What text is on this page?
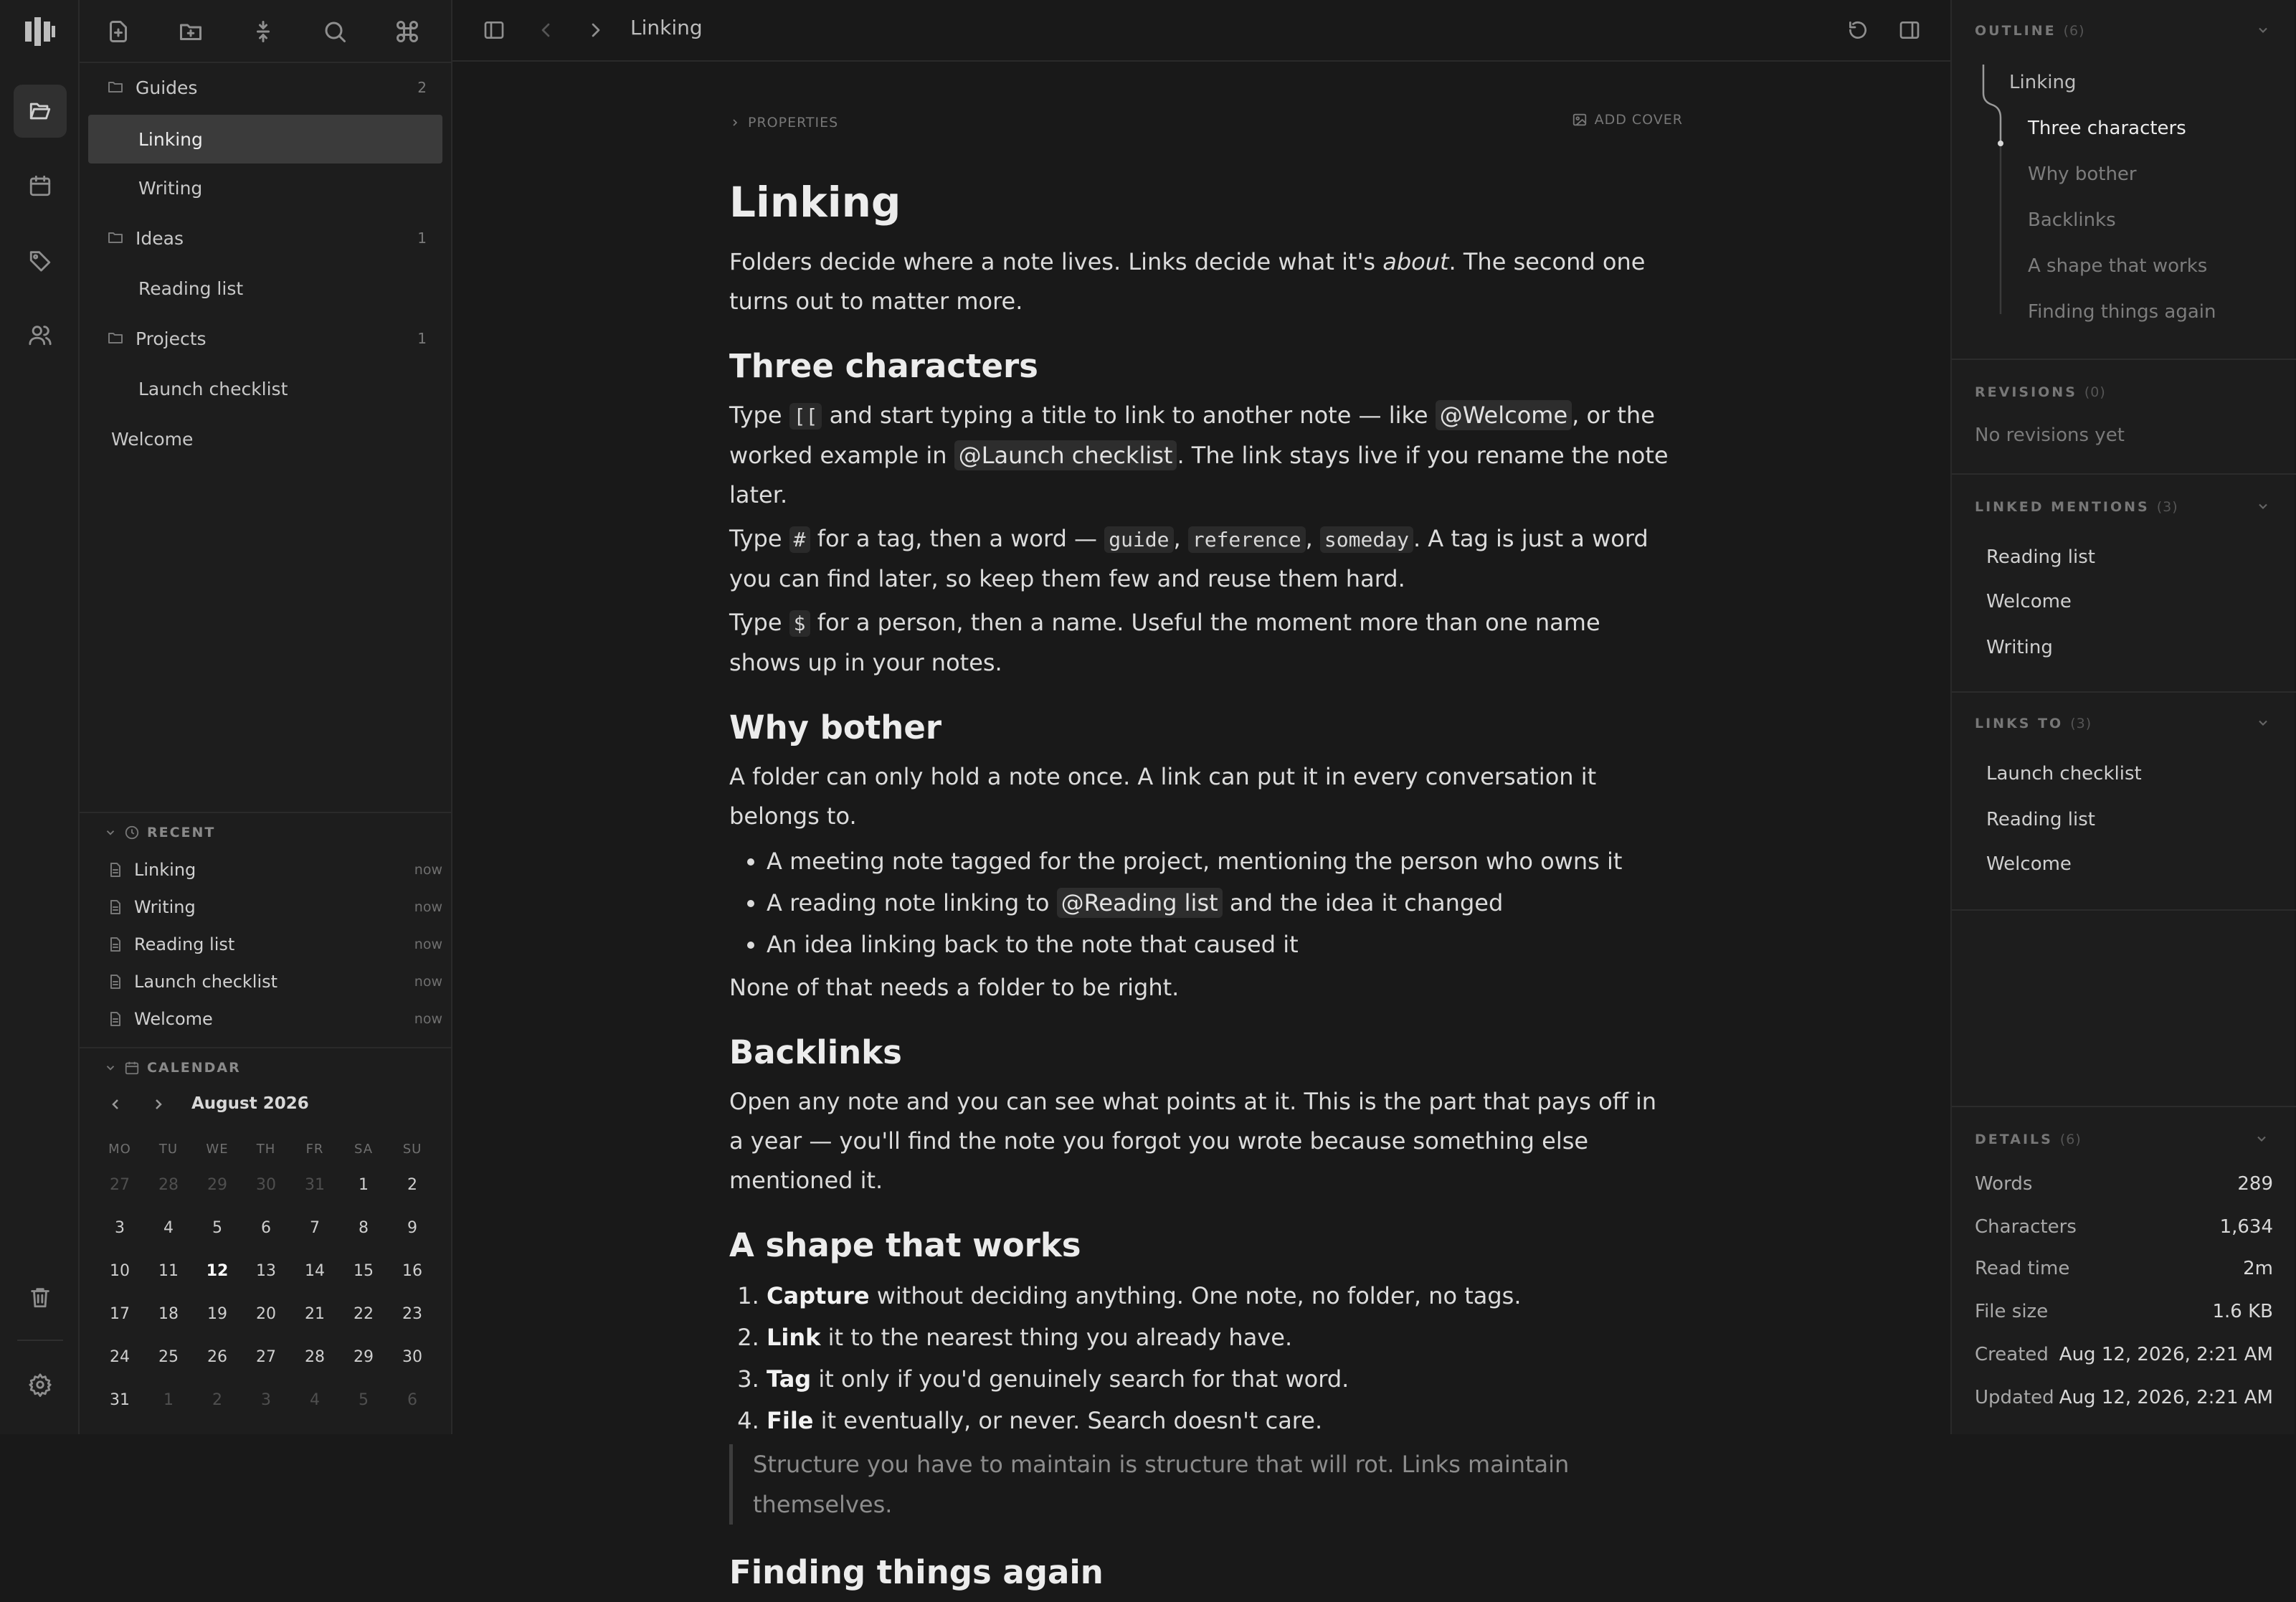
Guides	2
Linking
Writing
Ideas	1
Reading list
Projects	1
Launch checklist
Welcome
RECENT
Linking	now
Writing	now
Reading list	now
Launch checklist	now
Welcome	now
CALENDAR
August 2026
MO	TU	WE	TH	FR	SA	SU
27	28	29	30	31	1	2
3	4	5	6	7	8	9
10	11	12	13	14	15	16
17	18	19	20	21	22	23
24	25	26	27	28	29	30
31	1	2	3	4	5	6
Linking
PROPERTIES	ADD COVER
Linking

Folders decide where a note lives. Links decide what it's about. The second one turns out to matter more.

Three characters

Type [[ and start typing a title to link to another note — like @Welcome , or the worked example in @Launch checklist . The link stays live if you rename the note later.

Type # for a tag, then a word — guide , reference , someday . A tag is just a word you can find later, so keep them few and reuse them hard.

Type $ for a person, then a name. Useful the moment more than one name shows up in your notes.

Why bother

A folder can only hold a note once. A link can put it in every conversation it belongs to.

• A meeting note tagged for the project, mentioning the person who owns it
• A reading note linking to @Reading list and the idea it changed
• An idea linking back to the note that caused it

None of that needs a folder to be right.

Backlinks

Open any note and you can see what points at it. This is the part that pays off in a year — you'll find the note you forgot you wrote because something else mentioned it.

A shape that works
1. Capture without deciding anything. One note, no folder, no tags.
2. Link it to the nearest thing you already have.
3. Tag it only if you'd genuinely search for that word.
4. File it eventually, or never. Search doesn't care.
Structure you have to maintain is structure that will rot. Links maintain themselves.
Finding things again
OUTLINE (6)
Linking
Three characters
Why bother
Backlinks
A shape that works
Finding things again
REVISIONS (0)
No revisions yet
LINKED MENTIONS (3)
Reading list
Welcome
Writing
LINKS TO (3)
Launch checklist
Reading list
Welcome
DETAILS (6)
Words	289
Characters	1,634
Read time	2m
File size	1.6 KB
Created Aug 12, 2026, 2:21 AM
Updated Aug 12, 2026, 2:21 AM
